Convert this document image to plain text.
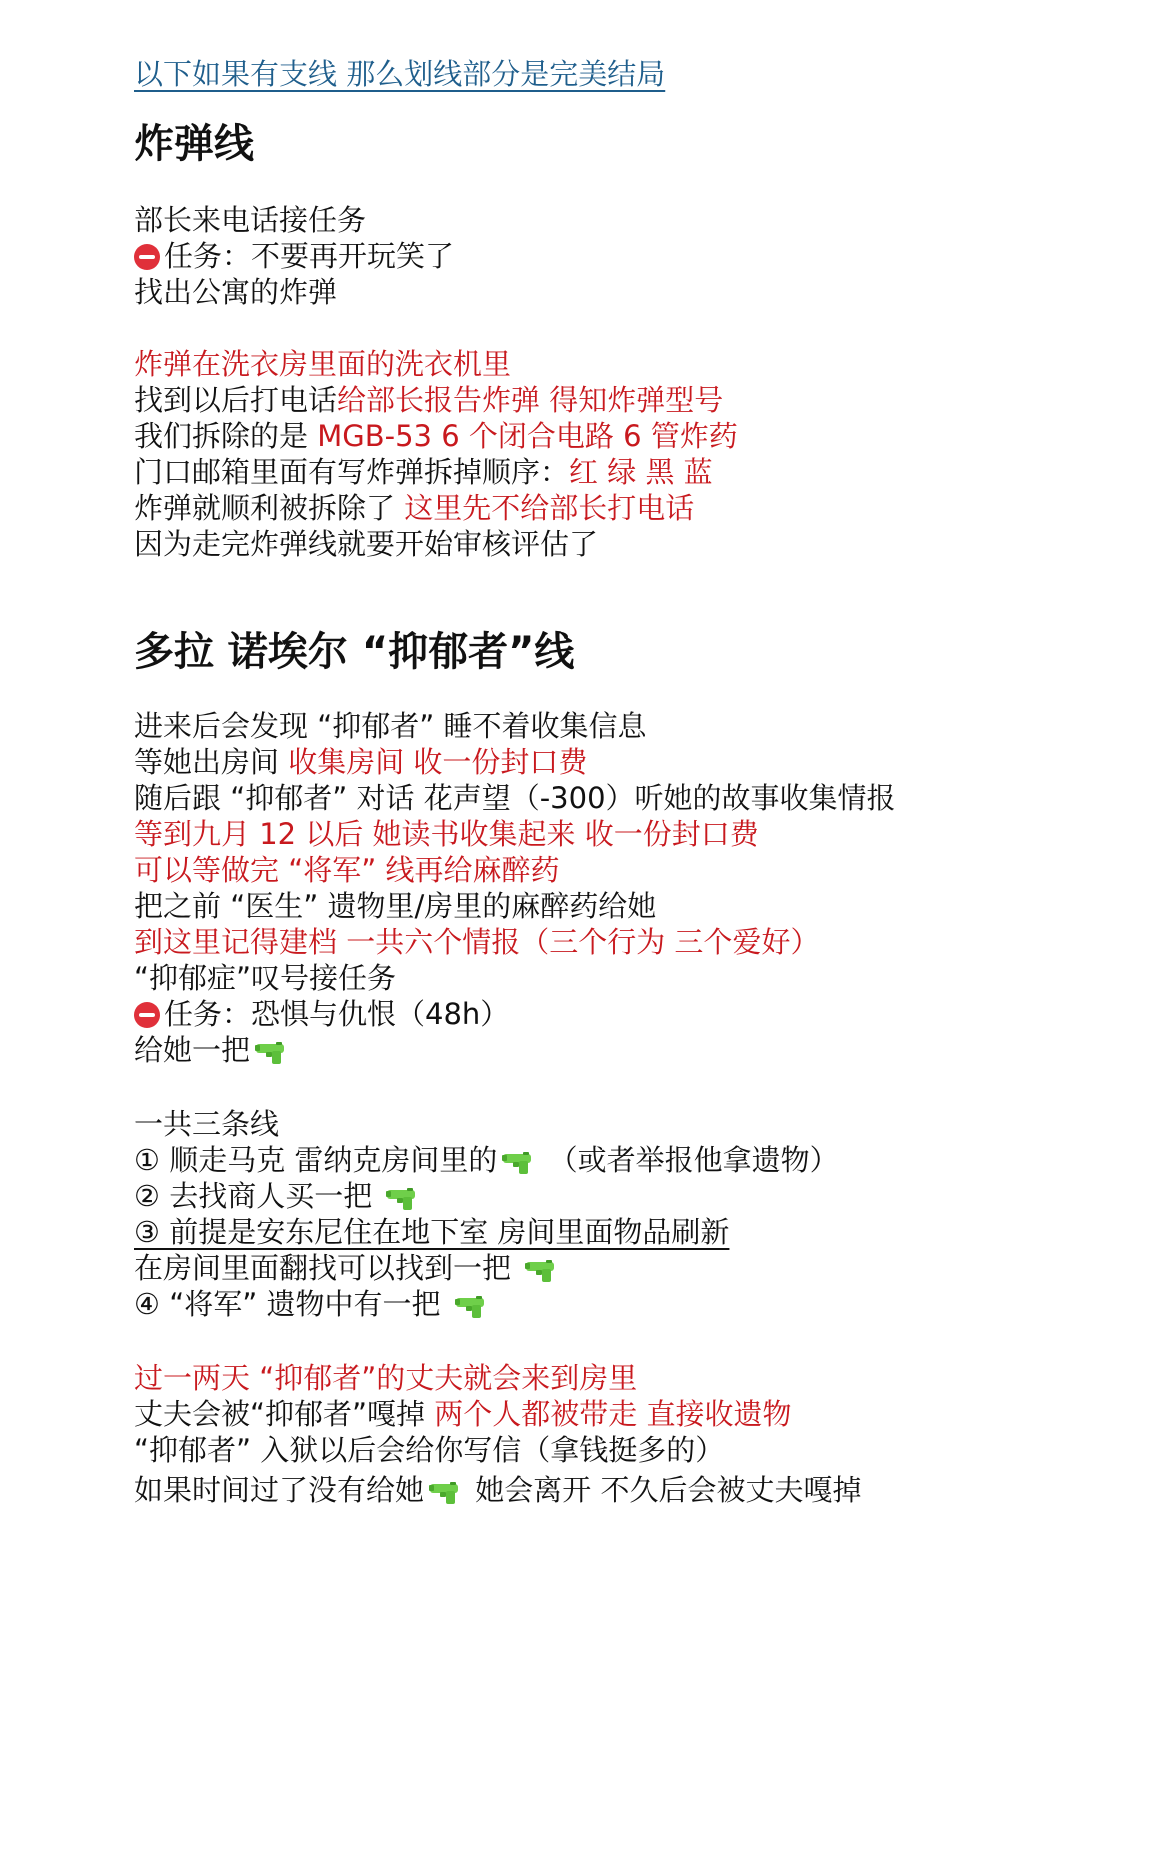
以下如果有支线 那么划线部分是完美结局
炸弹线
部长来电话接任务
任务：不要再开玩笑了
找出公寓的炸弹
炸弹在洗衣房里面的洗衣机里
找到以后打电话给部长报告炸弹 得知炸弹型号
我们拆除的是 MGB-53 6 个闭合电路 6 管炸药
门口邮箱里面有写炸弹拆掉顺序：红 绿 黑 蓝
炸弹就顺利被拆除了 这里先不给部长打电话
因为走完炸弹线就要开始审核评估了
多拉 诺埃尔 “抑郁者”线
进来后会发现 “抑郁者” 睡不着收集信息
等她出房间 收集房间 收一份封口费
随后跟 “抑郁者” 对话 花声望（-300）听她的故事收集情报
等到九月 12 以后 她读书收集起来 收一份封口费
可以等做完 “将军” 线再给麻醉药
把之前 “医生” 遗物里/房里的麻醉药给她
到这里记得建档 一共六个情报（三个行为 三个爱好）
“抑郁症”叹号接任务
任务：恐惧与仇恨（48h）
给她一把
一共三条线
① 顺走马克 雷纳克房间里的 （或者举报他拿遗物）
② 去找商人买一把
③ 前提是安东尼住在地下室 房间里面物品刷新
在房间里面翻找可以找到一把
④ “将军” 遗物中有一把
过一两天 “抑郁者”的丈夫就会来到房里
丈夫会被“抑郁者”嘎掉 两个人都被带走 直接收遗物
“抑郁者” 入狱以后会给你写信（拿钱挺多的）
如果时间过了没有给她 她会离开 不久后会被丈夫嘎掉
